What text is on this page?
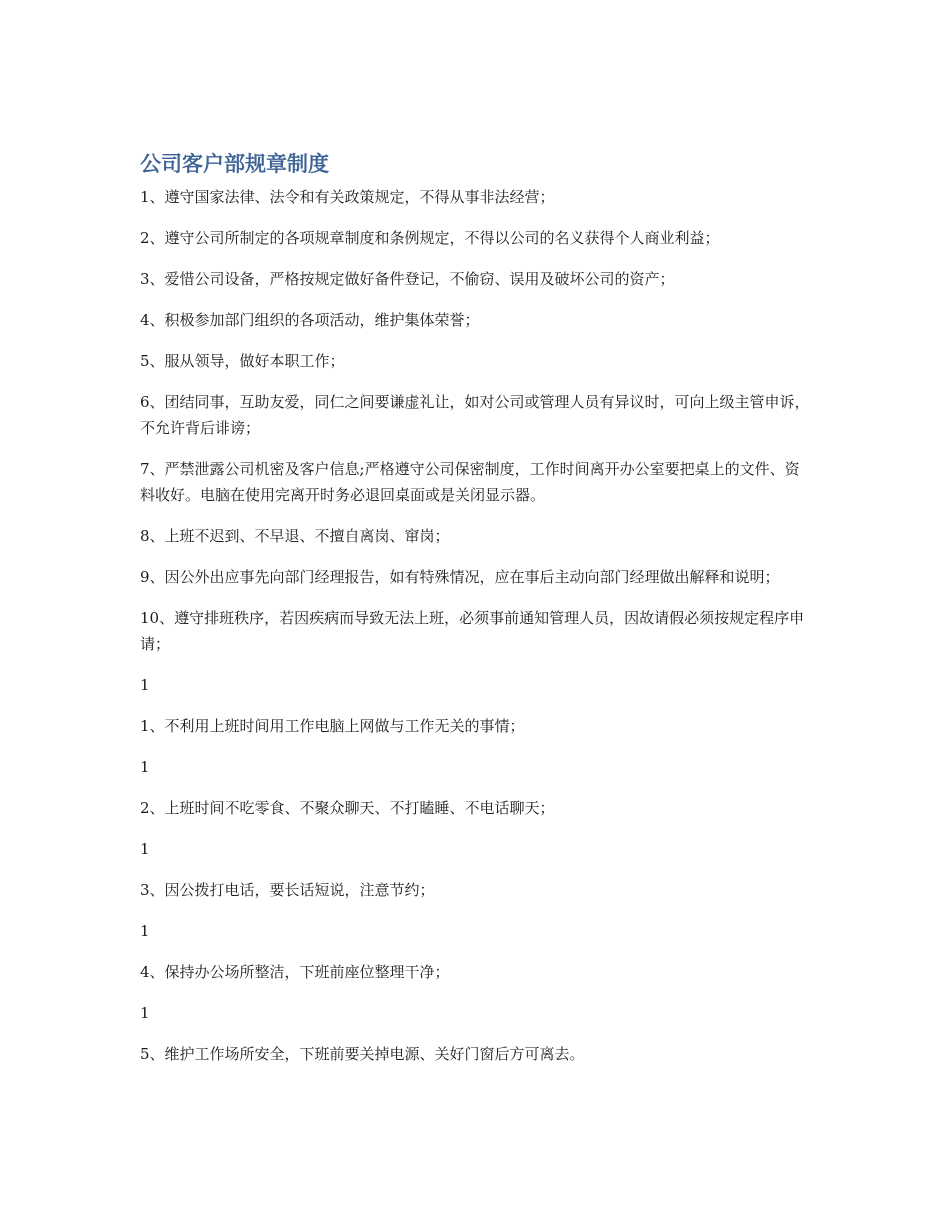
公司客户部规章制度

1、遵守国家法律、法令和有关政策规定，不得从事非法经营；

2、遵守公司所制定的各项规章制度和条例规定，不得以公司的名义获得个人商业利益；

3、爱惜公司设备，严格按规定做好备件登记，不偷窃、误用及破坏公司的资产；

4、积极参加部门组织的各项活动，维护集体荣誉；

5、服从领导，做好本职工作；

6、团结同事，互助友爱，同仁之间要谦虚礼让，如对公司或管理人员有异议时，可向上级主管申诉，不允许背后诽谤；

7、严禁泄露公司机密及客户信息;严格遵守公司保密制度，工作时间离开办公室要把桌上的文件、资料收好。电脑在使用完离开时务必退回桌面或是关闭显示器。

8、上班不迟到、不早退、不擅自离岗、窜岗；

9、因公外出应事先向部门经理报告，如有特殊情况，应在事后主动向部门经理做出解释和说明；

10、遵守排班秩序，若因疾病而导致无法上班，必须事前通知管理人员，因故请假必须按规定程序申请；

1

1、不利用上班时间用工作电脑上网做与工作无关的事情；

1

2、上班时间不吃零食、不聚众聊天、不打瞌睡、不电话聊天；

1

3、因公拨打电话，要长话短说，注意节约；

1

4、保持办公场所整洁，下班前座位整理干净；

1

5、维护工作场所安全，下班前要关掉电源、关好门窗后方可离去。
